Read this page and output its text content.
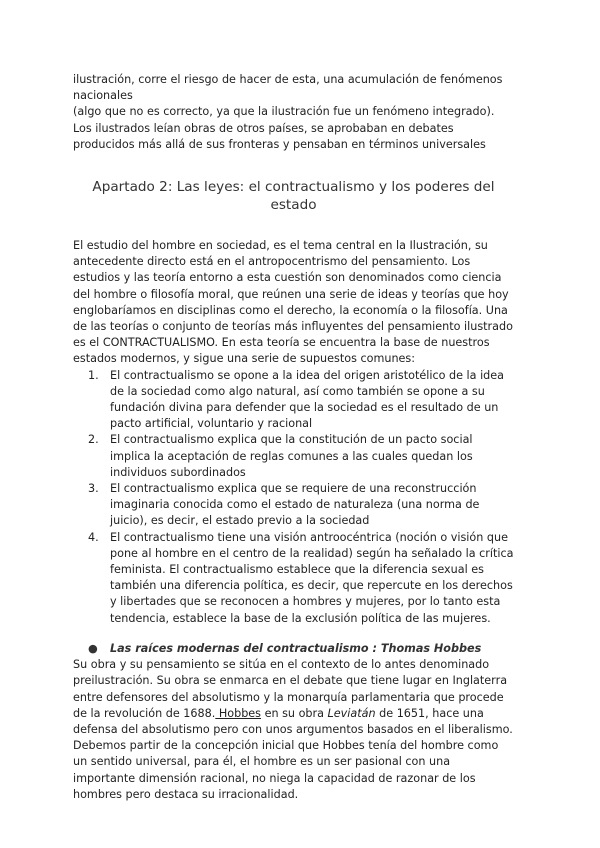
ilustración, corre el riesgo de hacer de esta, una acumulación de fenómenos nacionales
(algo que no es correcto, ya que la ilustración fue un fenómeno integrado).
Los ilustrados leían obras de otros países, se aprobaban en debates producidos más allá de sus fronteras y pensaban en términos universales

Apartado 2: Las leyes: el contractualismo y los poderes del estado

El estudio del hombre en sociedad, es el tema central en la Ilustración, su antecedente directo está en el antropocentrismo del pensamiento. Los estudios y las teoría entorno a esta cuestión son denominados como ciencia del hombre o filosofía moral, que reúnen una serie de ideas y teorías que hoy englobaríamos en disciplinas como el derecho, la economía o la filosofía. Una de las teorías o conjunto de teorías más influyentes del pensamiento ilustrado es el CONTRACTUALISMO. En esta teoría se encuentra la base de nuestros estados modernos, y sigue una serie de supuestos comunes:

1. El contractualismo se opone a la idea del origen aristotélico de la idea de la sociedad como algo natural, así como también se opone a su fundación divina para defender que la sociedad es el resultado de un pacto artificial, voluntario y racional
2. El contractualismo explica que la constitución de un pacto social implica la aceptación de reglas comunes a las cuales quedan los individuos subordinados
3. El contractualismo explica que se requiere de una reconstrucción imaginaria conocida como el estado de naturaleza (una norma de juicio), es decir, el estado previo a la sociedad
4. El contractualismo tiene una visión antroocéntrica (noción o visión que pone al hombre en el centro de la realidad) según ha señalado la crítica feminista. El contractualismo establece que la diferencia sexual es también una diferencia política, es decir, que repercute en los derechos y libertades que se reconocen a hombres y mujeres, por lo tanto esta tendencia, establece la base de la exclusión política de las mujeres.

● Las raíces modernas del contractualismo : Thomas Hobbes

Su obra y su pensamiento se sitúa en el contexto de lo antes denominado preilustración. Su obra se enmarca en el debate que tiene lugar en Inglaterra entre defensores del absolutismo y la monarquía parlamentaria que procede de la revolución de 1688. Hobbes en su obra Leviatán de 1651, hace una defensa del absolutismo pero con unos argumentos basados en el liberalismo. Debemos partir de la concepción inicial que Hobbes tenía del hombre como un sentido universal, para él, el hombre es un ser pasional con una importante dimensión racional, no niega la capacidad de razonar de los hombres pero destaca su irracionalidad.
